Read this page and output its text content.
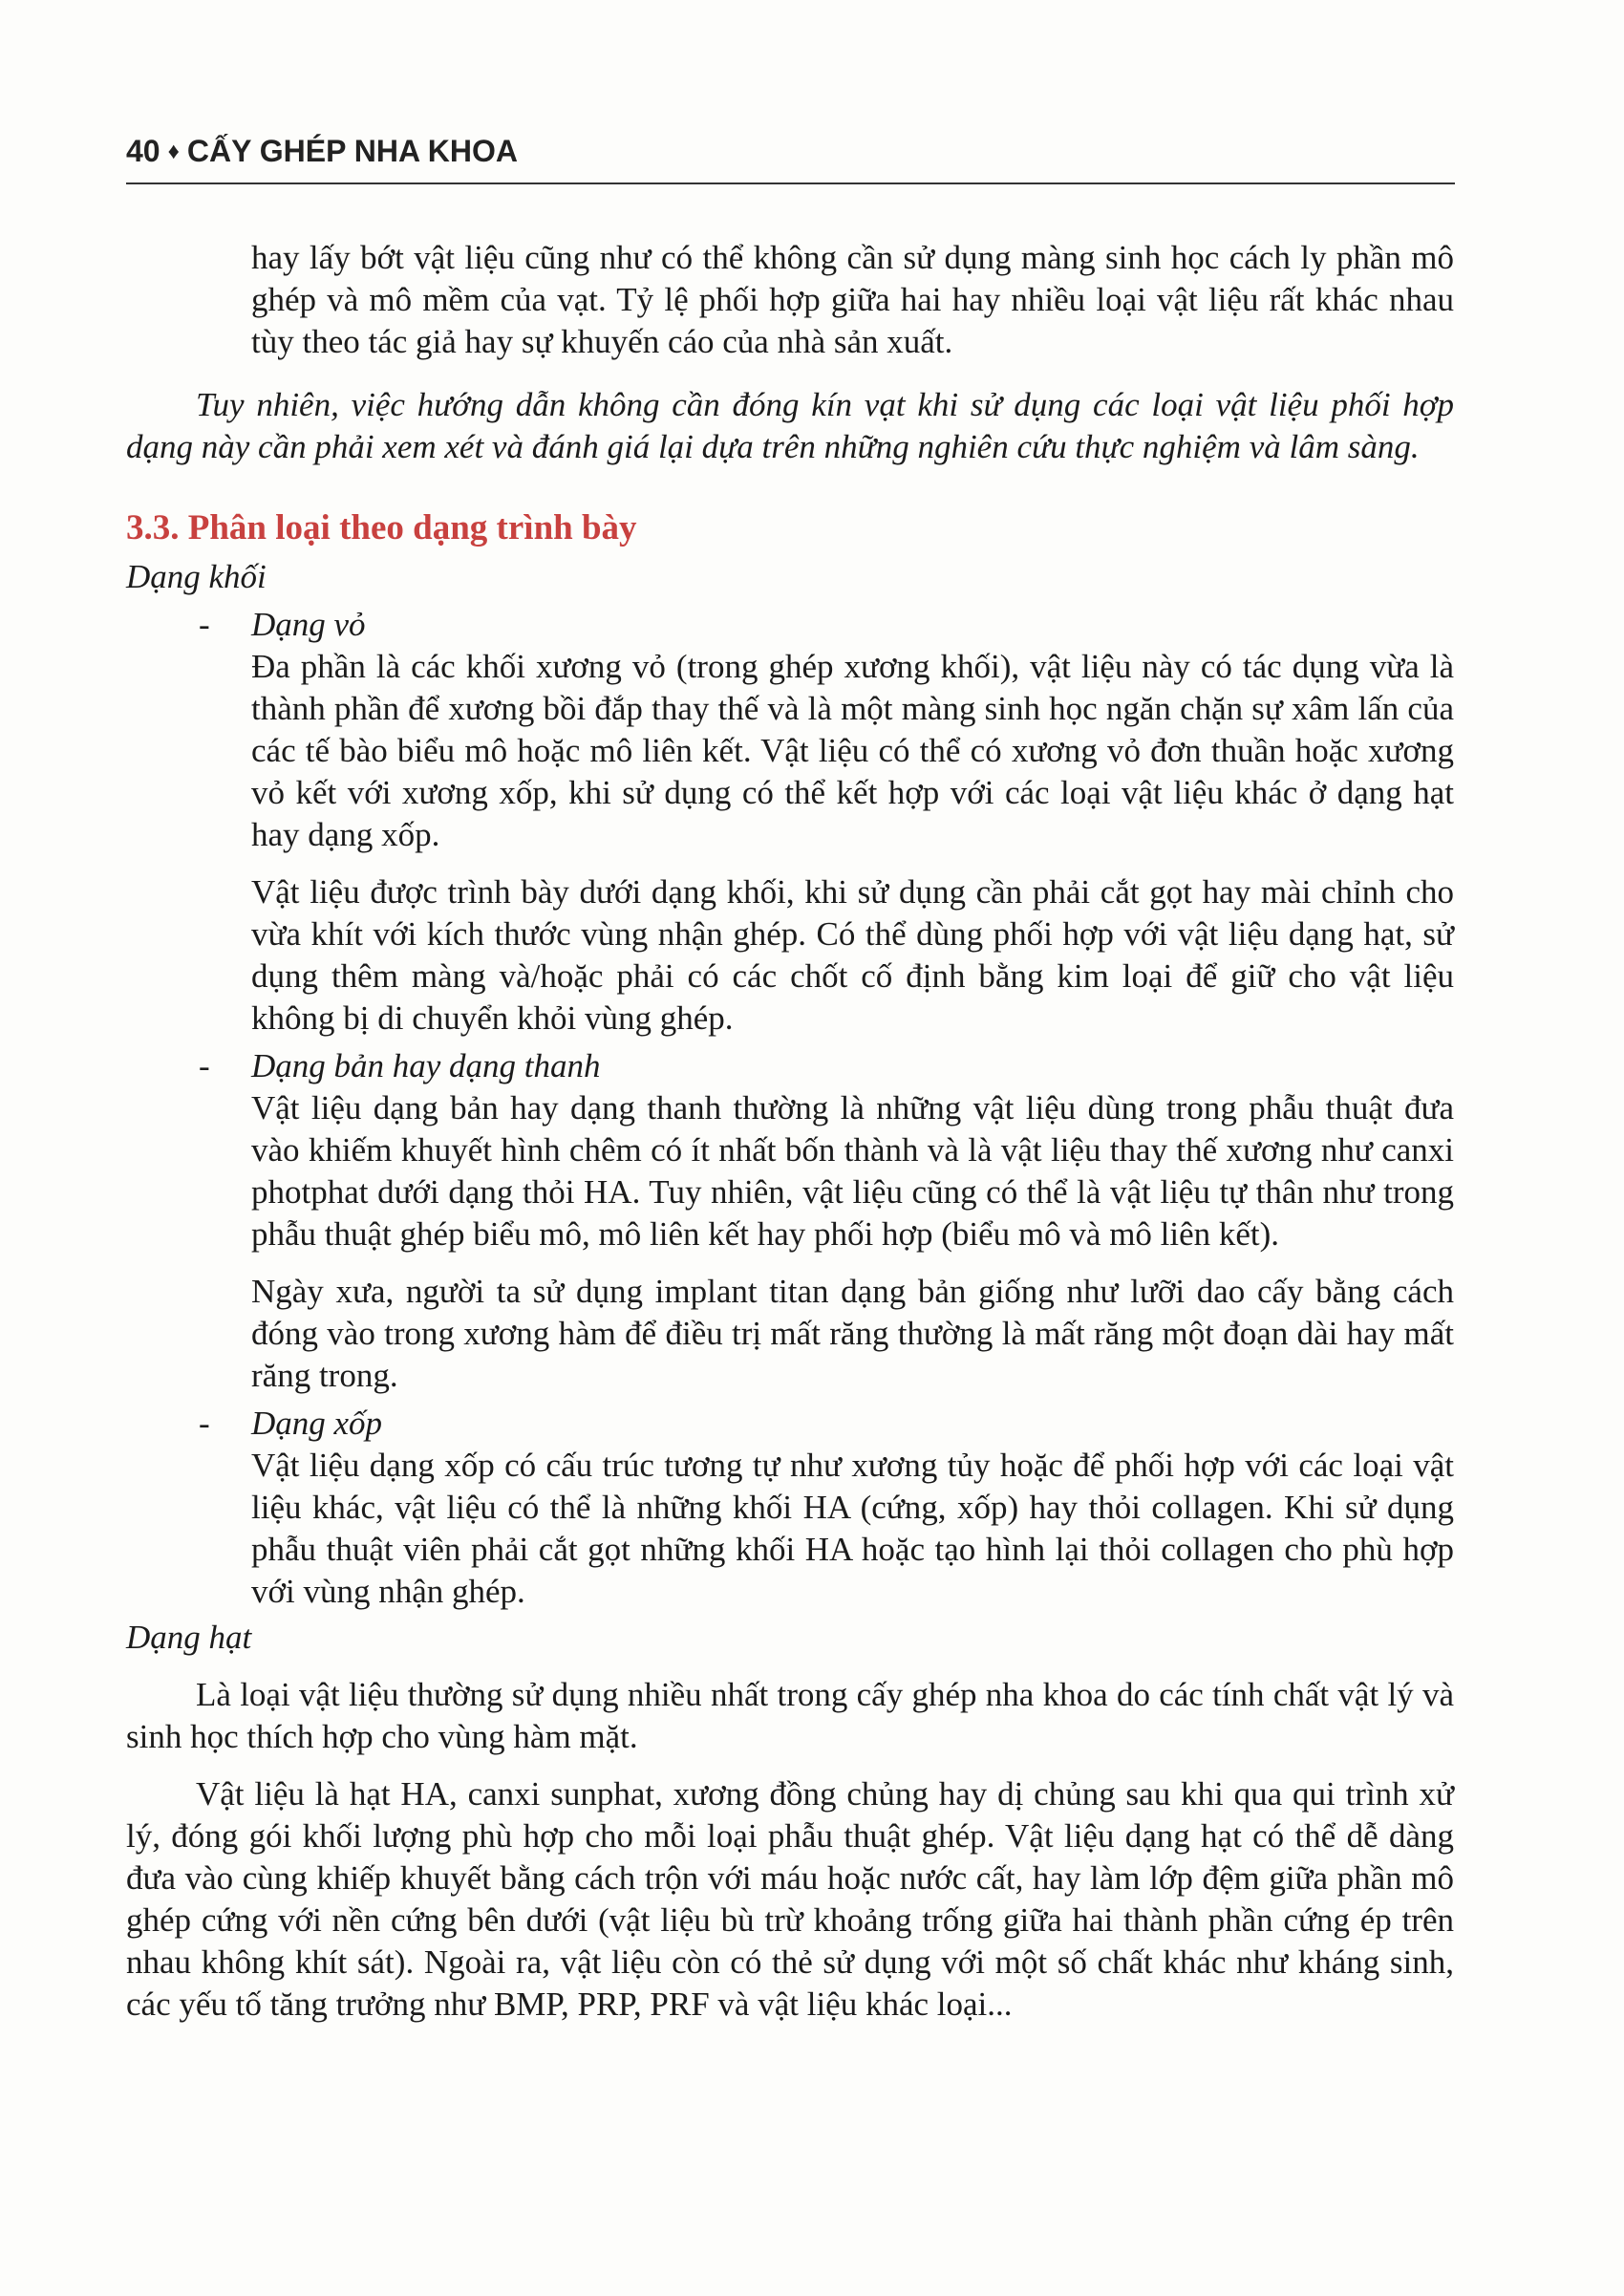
40 ♦ CẤY GHÉP NHA KHOA

hay lấy bớt vật liệu cũng như có thể không cần sử dụng màng sinh học cách ly phần mô ghép và mô mềm của vạt. Tỷ lệ phối hợp giữa hai hay nhiều loại vật liệu rất khác nhau tùy theo tác giả hay sự khuyến cáo của nhà sản xuất.

Tuy nhiên, việc hướng dẫn không cần đóng kín vạt khi sử dụng các loại vật liệu phối hợp dạng này cần phải xem xét và đánh giá lại dựa trên những nghiên cứu thực nghiệm và lâm sàng.

3.3. Phân loại theo dạng trình bày
Dạng khối
-	Dạng vỏ

Đa phần là các khối xương vỏ (trong ghép xương khối), vật liệu này có tác dụng vừa là thành phần để xương bồi đắp thay thế và là một màng sinh học ngăn chặn sự xâm lấn của các tế bào biểu mô hoặc mô liên kết. Vật liệu có thể có xương vỏ đơn thuần hoặc xương vỏ kết với xương xốp, khi sử dụng có thể kết hợp với các loại vật liệu khác ở dạng hạt hay dạng xốp.

Vật liệu được trình bày dưới dạng khối, khi sử dụng cần phải cắt gọt hay mài chỉnh cho vừa khít với kích thước vùng nhận ghép. Có thể dùng phối hợp với vật liệu dạng hạt, sử dụng thêm màng và/hoặc phải có các chốt cố định bằng kim loại để giữ cho vật liệu không bị di chuyển khỏi vùng ghép.

-	Dạng bản hay dạng thanh

Vật liệu dạng bản hay dạng thanh thường là những vật liệu dùng trong phẫu thuật đưa vào khiếm khuyết hình chêm có ít nhất bốn thành và là vật liệu thay thế xương như canxi photphat dưới dạng thỏi HA. Tuy nhiên, vật liệu cũng có thể là vật liệu tự thân như trong phẫu thuật ghép biểu mô, mô liên kết hay phối hợp (biểu mô và mô liên kết).

Ngày xưa, người ta sử dụng implant titan dạng bản giống như lưỡi dao cấy bằng cách đóng vào trong xương hàm để điều trị mất răng thường là mất răng một đoạn dài hay mất răng trong.

-	Dạng xốp

Vật liệu dạng xốp có cấu trúc tương tự như xương tủy hoặc để phối hợp với các loại vật liệu khác, vật liệu có thể là những khối HA (cứng, xốp) hay thỏi collagen. Khi sử dụng phẫu thuật viên phải cắt gọt những khối HA hoặc tạo hình lại thỏi collagen cho phù hợp với vùng nhận ghép.

Dạng hạt

Là loại vật liệu thường sử dụng nhiều nhất trong cấy ghép nha khoa do các tính chất vật lý và sinh học thích hợp cho vùng hàm mặt.

Vật liệu là hạt HA, canxi sunphat, xương đồng chủng hay dị chủng sau khi qua qui trình xử lý, đóng gói khối lượng phù hợp cho mỗi loại phẫu thuật ghép. Vật liệu dạng hạt có thể dễ dàng đưa vào cùng khiếp khuyết bằng cách trộn với máu hoặc nước cất, hay làm lớp đệm giữa phần mô ghép cứng với nền cứng bên dưới (vật liệu bù trừ khoảng trống giữa hai thành phần cứng ép trên nhau không khít sát). Ngoài ra, vật liệu còn có thẻ sử dụng với một số chất khác như kháng sinh, các yếu tố tăng trưởng như BMP, PRP, PRF và vật liệu khác loại...
